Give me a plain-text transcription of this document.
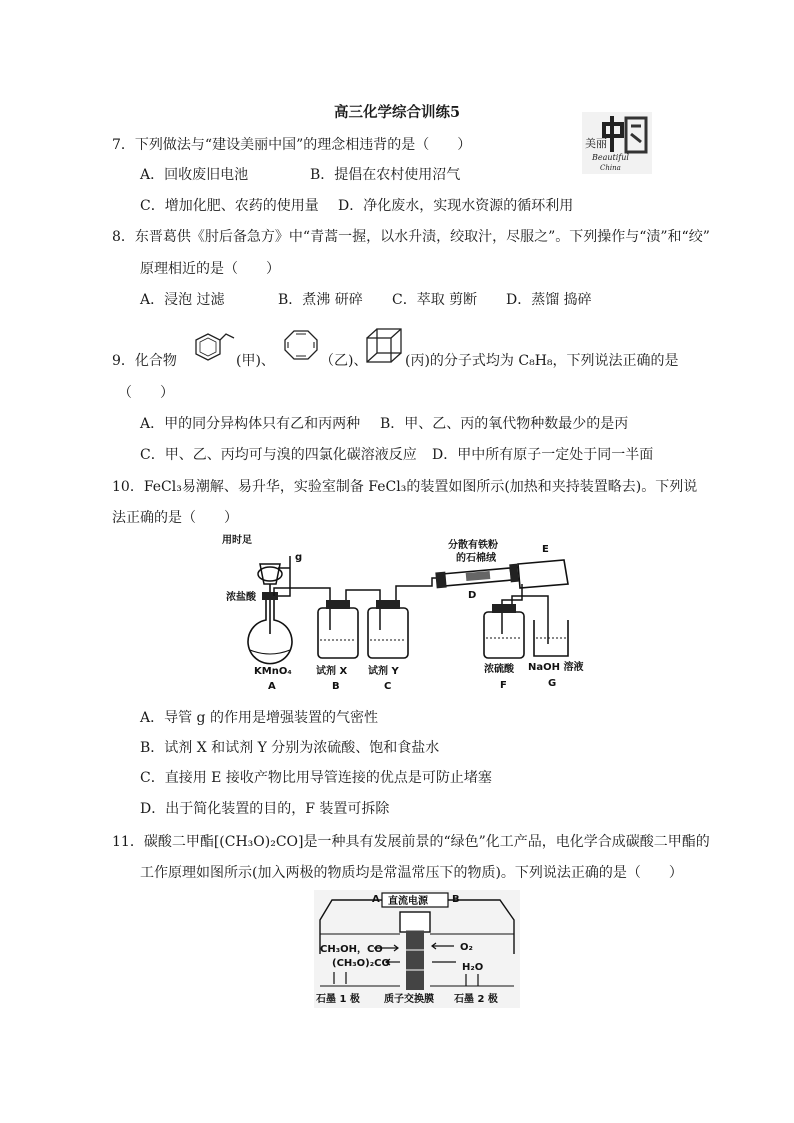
高三化学综合训练5
美丽
Beautiful
China
7．下列做法与“建设美丽中国”的理念相违背的是（　　）
A．回收废旧电池	B．提倡在农村使用沼气
C．增加化肥、农药的使用量 D．净化废水，实现水资源的循环利用
8．东晋葛供《肘后备急方》中“青蒿一握，以水升渍，绞取汁，尽服之”。下列操作与“渍”和“绞”
原理相近的是（　　）
A．浸泡 过滤	B．煮沸 研碎 C．萃取 剪断 D．蒸馏 捣碎
9．化合物	(甲)、	（乙)、	(丙)的分子式均为 C₈H₈，下列说法正确的是
（　　）
A．甲的同分异构体只有乙和丙两种 B．甲、乙、丙的氧代物种数最少的是丙
C．甲、乙、丙均可与溴的四氯化碳溶液反应 D．甲中所有原子一定处于同一半面
10．FeCl₃易潮解、易升华，实验室制备 FeCl₃的装置如图所示(加热和夹持装置略去)。下列说
法正确的是（　　）
用时足
g
浓盐酸
KMnO₄
A
试剂 X
B
试剂 Y
C
分散有铁粉
的石棉绒
D
E
浓硫酸
F
NaOH 溶液
G
A．导管 g 的作用是增强装置的气密性
B．试剂 X 和试剂 Y 分别为浓硫酸、饱和食盐水
C．直接用 E 接收产物比用导管连接的优点是可防止堵塞
D．出于简化装置的目的，F 装置可拆除
11．碳酸二甲酯[(CH₃O)₂CO]是一种具有发展前景的“绿色”化工产品，电化学合成碳酸二甲酯的
工作原理如图所示(加入两极的物质均是常温常压下的物质)。下列说法正确的是（　　）
A 直流电源 B
CH₃OH，CO
(CH₃O)₂CO
O₂
H₂O
石墨 1 极 质子交换膜 石墨 2 极
